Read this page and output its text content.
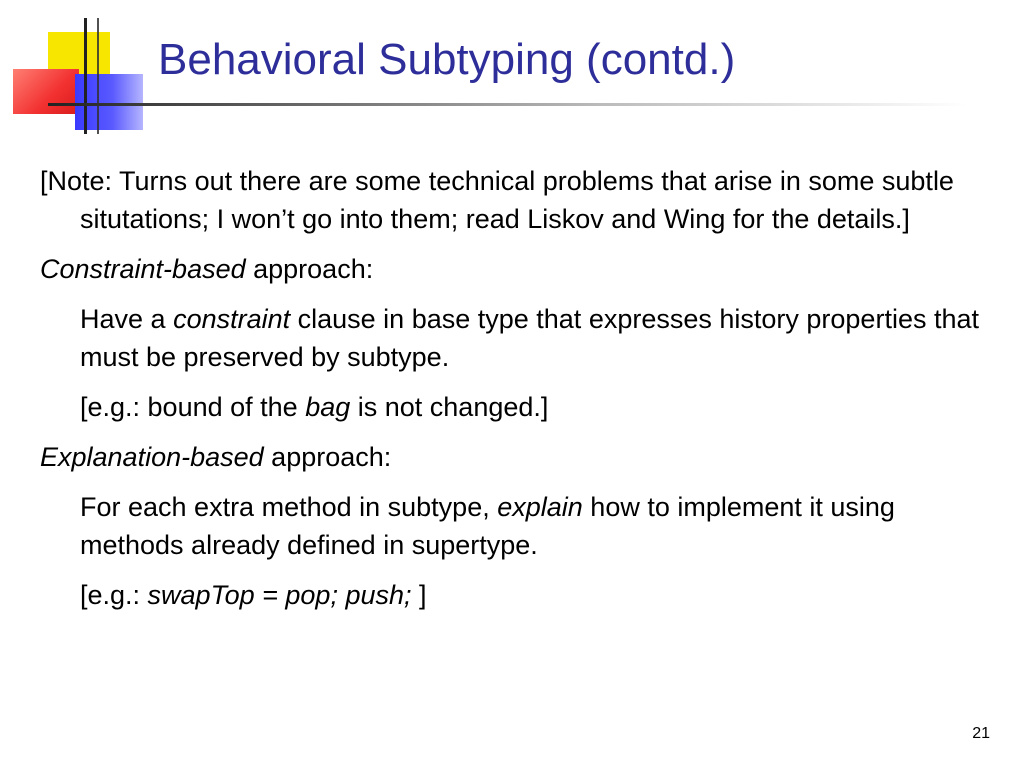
Behavioral Subtyping (contd.)

[Note: Turns out there are some technical problems that arise in some subtle situtations; I won’t go into them; read Liskov and Wing for the details.]

Constraint-based approach:

Have a constraint clause in base type that expresses history properties that must be preserved by subtype.

[e.g.: bound of the bag is not changed.]

Explanation-based approach:

For each extra method in subtype, explain how to implement it using methods already defined in supertype.

[e.g.: swapTop = pop; push; ]

21
